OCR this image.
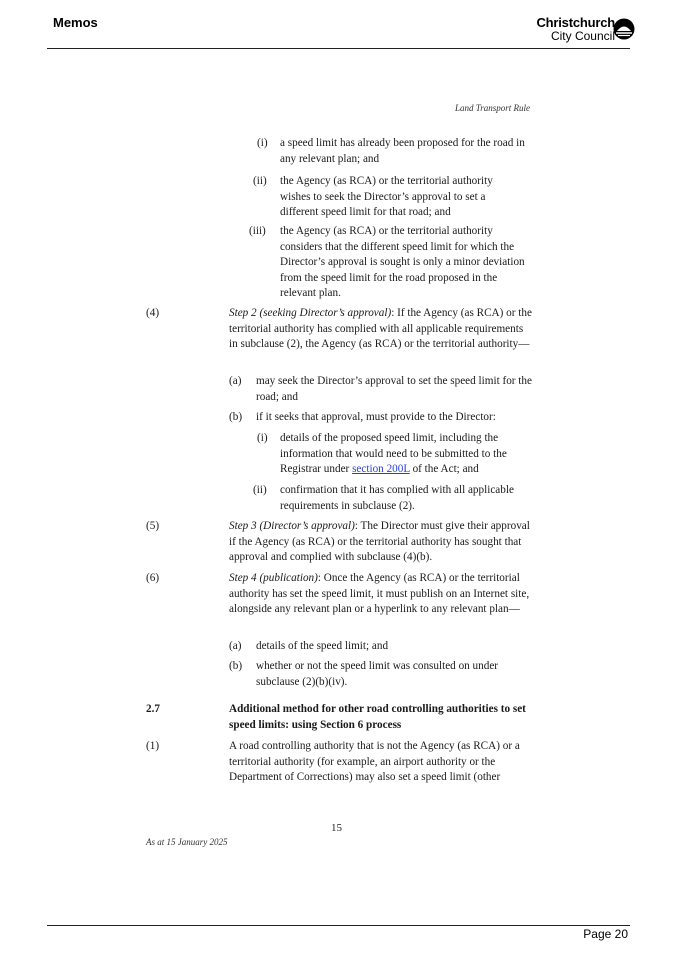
Memos	Christchurch
City Council
Land Transport Rule
(i) a speed limit has already been proposed for the road in any relevant plan; and
(ii) the Agency (as RCA) or the territorial authority wishes to seek the Director’s approval to set a different speed limit for that road; and
(iii) the Agency (as RCA) or the territorial authority considers that the different speed limit for which the Director’s approval is sought is only a minor deviation from the speed limit for the road proposed in the relevant plan.
(4)	Step 2 (seeking Director’s approval): If the Agency (as RCA) or the territorial authority has complied with all applicable requirements in subclause (2), the Agency (as RCA) or the territorial authority—
(a) may seek the Director’s approval to set the speed limit for the road; and
(b) if it seeks that approval, must provide to the Director:
(i) details of the proposed speed limit, including the information that would need to be submitted to the Registrar under section 200L of the Act; and
(ii) confirmation that it has complied with all applicable requirements in subclause (2).
(5)	Step 3 (Director’s approval): The Director must give their approval if the Agency (as RCA) or the territorial authority has sought that approval and complied with subclause (4)(b).
(6)	Step 4 (publication): Once the Agency (as RCA) or the territorial authority has set the speed limit, it must publish on an Internet site, alongside any relevant plan or a hyperlink to any relevant plan—
(a) details of the speed limit; and
(b) whether or not the speed limit was consulted on under subclause (2)(b)(iv).
2.7	Additional method for other road controlling authorities to set speed limits: using Section 6 process
(1)	A road controlling authority that is not the Agency (as RCA) or a territorial authority (for example, an airport authority or the Department of Corrections) may also set a speed limit (other
15
As at 15 January 2025
Page 20
